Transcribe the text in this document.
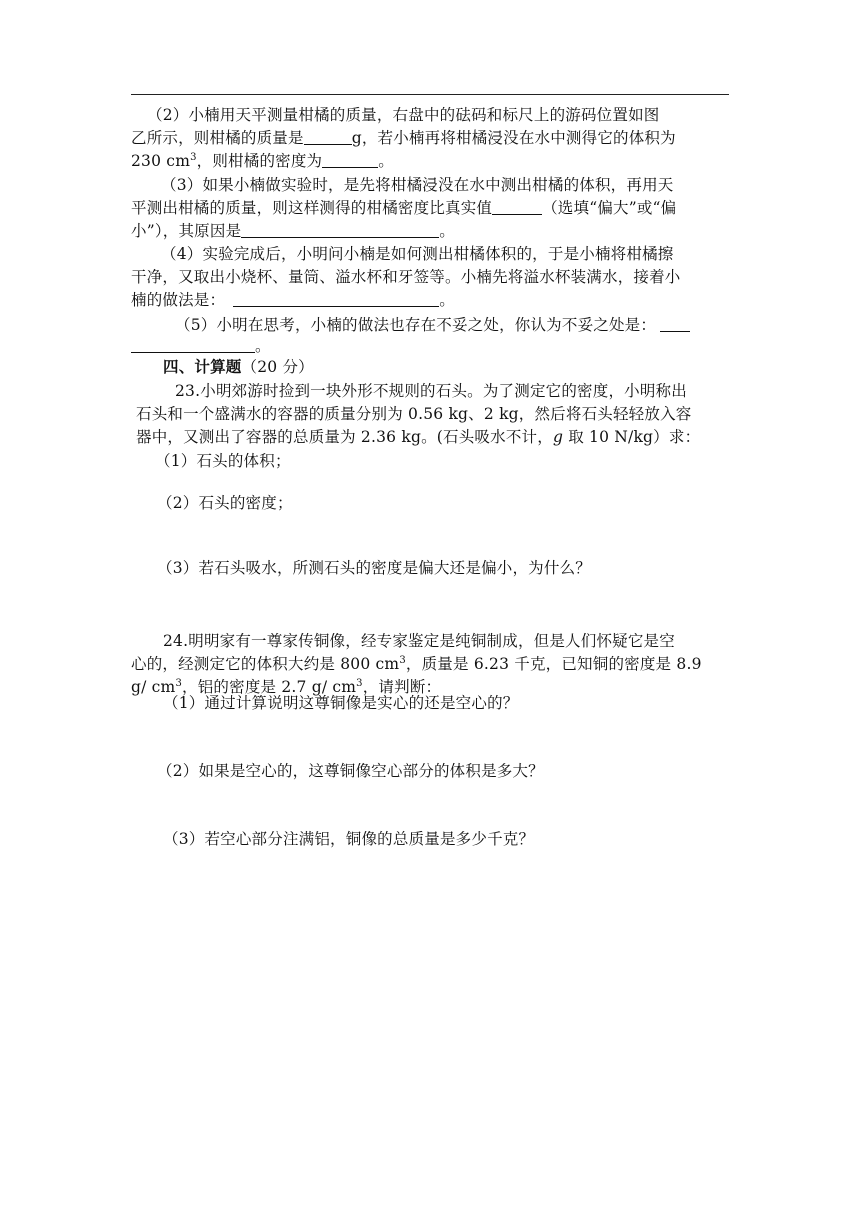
（2）小楠用天平测量柑橘的质量，右盘中的砝码和标尺上的游码位置如图
乙所示，则柑橘的质量是	g，若小楠再将柑橘浸没在水中测得它的体积为
230 $cm^3$，则柑橘的密度为	。
（3）如果小楠做实验时，是先将柑橘浸没在水中测出柑橘的体积，再用天
平测出柑橘的质量，则这样测得的柑橘密度比真实值	（选填“偏大”或“偏
小”），其原因是	。
（4）实验完成后，小明问小楠是如何测出柑橘体积的，于是小楠将柑橘擦
干净，又取出小烧杯、量筒、溢水杯和牙签等。小楠先将溢水杯装满水，接着小
楠的做法是：	。
（5）小明在思考，小楠的做法也存在不妥之处，你认为不妥之处是：
。
四、计算题（20 分）
23.小明郊游时捡到一块外形不规则的石头。为了测定它的密度，小明称出
石头和一个盛满水的容器的质量分别为 0.56 kg、2 kg，然后将石头轻轻放入容
器中，又测出了容器的总质量为 2.36 kg。(石头吸水不计，g 取 10 N/kg）求：
（1）石头的体积；
（2）石头的密度；
（3）若石头吸水，所测石头的密度是偏大还是偏小，为什么？
24.明明家有一尊家传铜像，经专家鉴定是纯铜制成，但是人们怀疑它是空
心的，经测定它的体积大约是 800 $cm^3$，质量是 6.23 千克，已知铜的密度是 8.9
g/ $cm^3$，铝的密度是 2.7 g/ $cm^3$，请判断：
（1）通过计算说明这尊铜像是实心的还是空心的？
（2）如果是空心的，这尊铜像空心部分的体积是多大？
（3）若空心部分注满铝，铜像的总质量是多少千克？
